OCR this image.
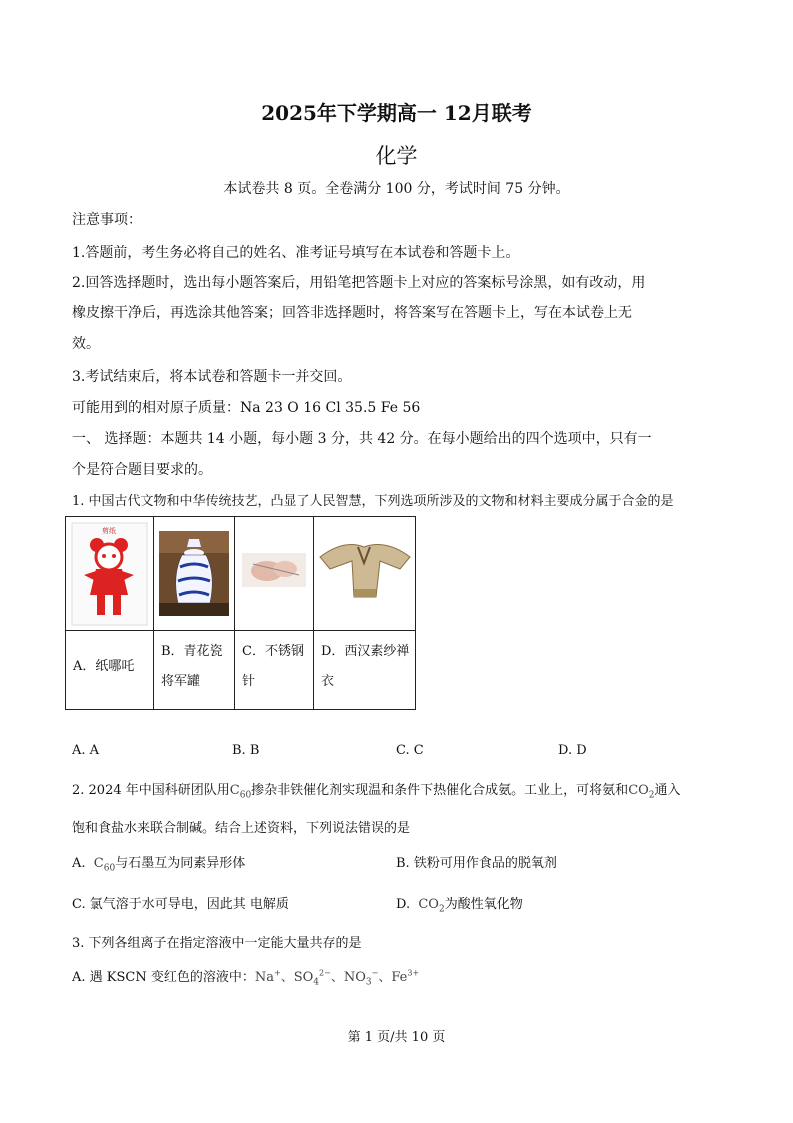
2025年下学期高一 12月联考
化学
本试卷共 8 页。全卷满分 100 分，考试时间 75 分钟。
注意事项：
1.答题前，考生务必将自己的姓名、准考证号填写在本试卷和答题卡上。
2.回答选择题时，选出每小题答案后，用铅笔把答题卡上对应的答案标号涂黑，如有改动，用
橡皮擦干净后，再选涂其他答案；回答非选择题时，将答案写在答题卡上，写在本试卷上无
效。
3.考试结束后，将本试卷和答题卡一并交回。
可能用到的相对原子质量：Na 23 O 16 Cl 35.5 Fe 56
一、 选择题：本题共 14 小题，每小题 3 分，共 42 分。在每小题给出的四个选项中，只有一
个是符合题目要求的。
1. 中国古代文物和中华传统技艺，凸显了人民智慧，下列选项所涉及的文物和材料主要成分属于合金的是
剪纸

A．纸哪吒	B．青花瓷将军罐	C．不锈钢针	D．西汉素纱禅衣
A. A	B. B	C. C	D. D
2. 2024 年中国科研团队用$C_{60}$掺杂非铁催化剂实现温和条件下热催化合成氨。工业上，可将氨和$CO_2$通入
饱和食盐水来联合制碱。结合上述资料，下列说法错误的是
A. $C_{60}$与石墨互为同素异形体	B. 铁粉可用作食品的脱氧剂
C. 氯气溶于水可导电，因此其 电解质	D. $CO_2$为酸性氧化物
3. 下列各组离子在指定溶液中一定能大量共存的是
A. 遇 KSCN 变红色的溶液中：Na+、$SO_4^{2-}$、$NO_3^-$、$Fe^{3+}$
第 1 页/共 10 页
